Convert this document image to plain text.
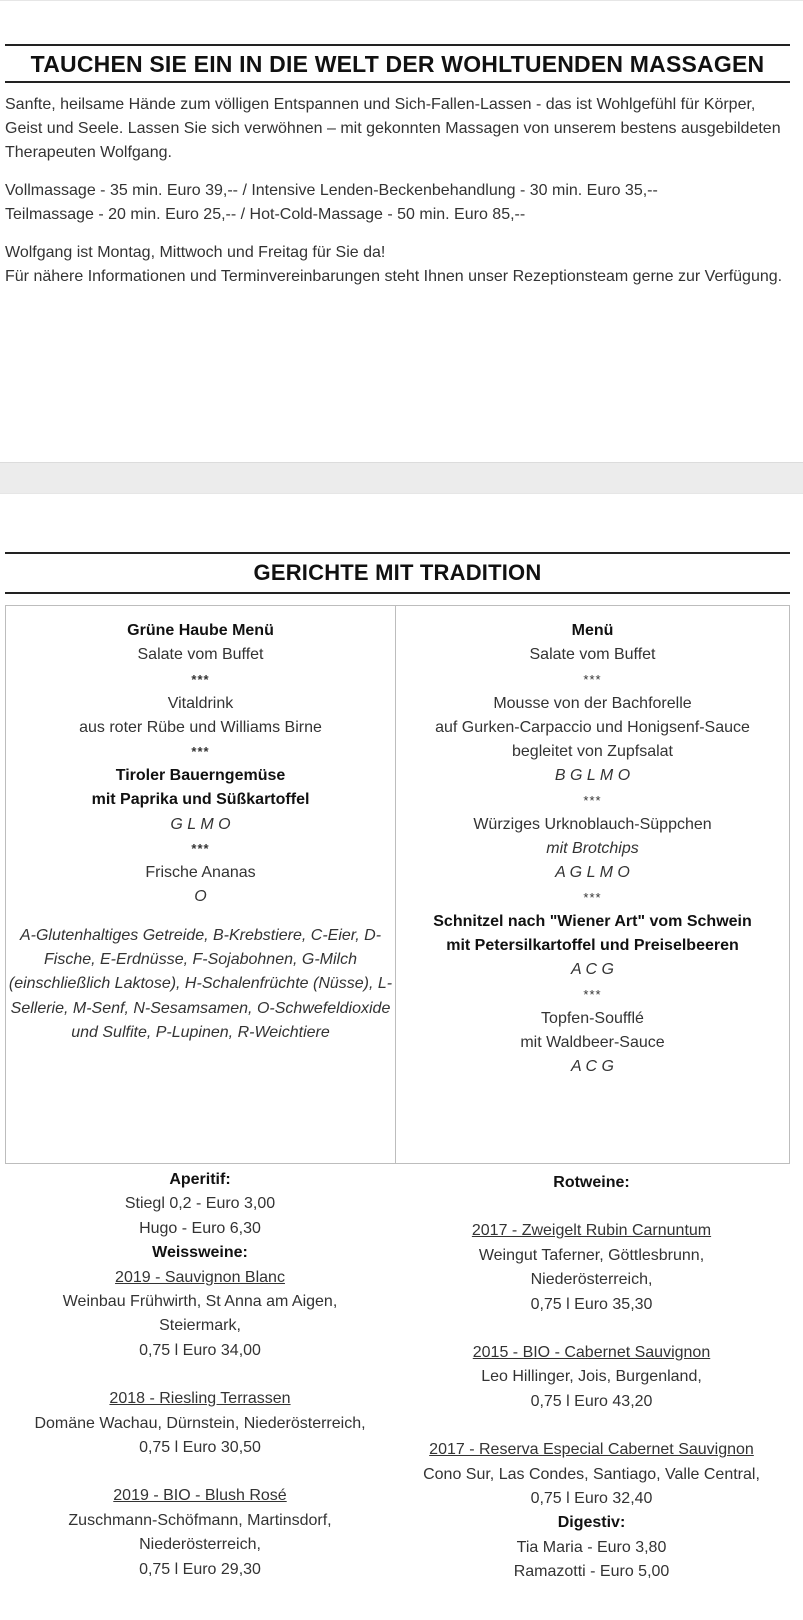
TAUCHEN SIE EIN IN DIE WELT DER WOHLTUENDEN MASSAGEN

Sanfte, heilsame Hände zum völligen Entspannen und Sich-Fallen-Lassen - das ist Wohlgefühl für Körper, Geist und Seele. Lassen Sie sich verwöhnen – mit gekonnten Massagen von unserem bestens ausgebildeten Therapeuten Wolfgang.

Vollmassage - 35 min. Euro 39,-- / Intensive Lenden-Beckenbehandlung - 30 min. Euro 35,--

Teilmassage - 20 min. Euro 25,-- / Hot-Cold-Massage - 50 min. Euro 85,--

Wolfgang ist Montag, Mittwoch und Freitag für Sie da!

Für nähere Informationen und Terminvereinbarungen steht Ihnen unser Rezeptionsteam gerne zur Verfügung.

GERICHTE MIT TRADITION
Grüne Haube Menü
Salate vom Buffet
***
Vitaldrink
aus roter Rübe und Williams Birne
***
Tiroler Bauerngemüse
mit Paprika und Süßkartoffel
G L M O
***
Frische Ananas
O
A-Glutenhaltiges Getreide, B-Krebstiere, C-Eier, D-Fische, E-Erdnüsse, F-Sojabohnen, G-Milch (einschließlich Laktose), H-Schalenfrüchte (Nüsse), L-Sellerie, M-Senf, N-Sesamsamen, O-Schwefeldioxide und Sulfite, P-Lupinen, R-Weichtiere
Menü
Salate vom Buffet
***
Mousse von der Bachforelle
auf Gurken-Carpaccio und Honigsenf-Sauce
begleitet von Zupfsalat
B G L M O
***
Würziges Urknoblauch-Süppchen
mit Brotchips
A G L M O
***
Schnitzel nach "Wiener Art" vom Schwein
mit Petersilkartoffel und Preiselbeeren
A C G
***
Topfen-Soufflé
mit Waldbeer-Sauce
A C G
Aperitif:
Stiegl 0,2 - Euro 3,00
Hugo - Euro 6,30
Weissweine:
2019 - Sauvignon Blanc
Weinbau Frühwirth, St Anna am Aigen,
Steiermark,
0,75 l Euro 34,00
2018 - Riesling Terrassen
Domäne Wachau, Dürnstein, Niederösterreich,
0,75 l Euro 30,50
2019 - BIO - Blush Rosé
Zuschmann-Schöfmann, Martinsdorf,
Niederösterreich,
0,75 l Euro 29,30
Rotweine:
2017 - Zweigelt Rubin Carnuntum
Weingut Taferner, Göttlesbrunn,
Niederösterreich,
0,75 l Euro 35,30
2015 - BIO - Cabernet Sauvignon
Leo Hillinger, Jois, Burgenland,
0,75 l Euro 43,20
2017 - Reserva Especial Cabernet Sauvignon
Cono Sur, Las Condes, Santiago, Valle Central,
0,75 l Euro 32,40
Digestiv:
Tia Maria - Euro 3,80
Ramazotti - Euro 5,00
